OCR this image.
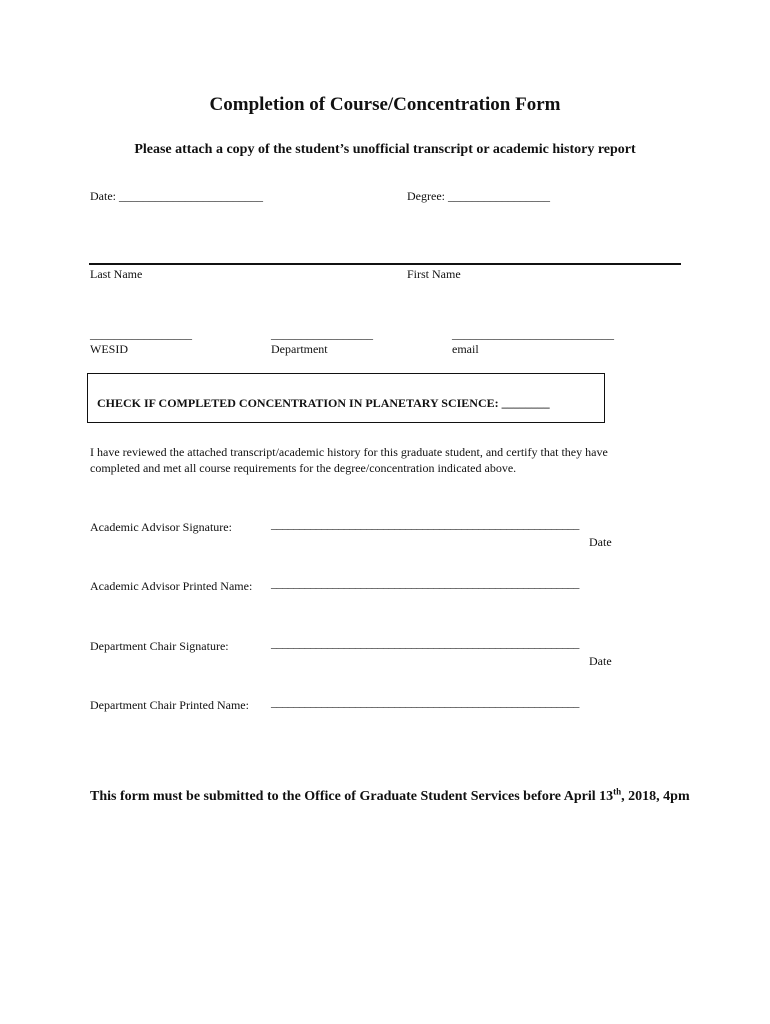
Completion of Course/Concentration Form
Please attach a copy of the student’s unofficial transcript or academic history report
Date: ________________________	Degree: _________________
Last Name	First Name
_________________
WESID
_________________
Department
___________________________
email
CHECK IF COMPLETED CONCENTRATION IN PLANETARY SCIENCE: ________
I have reviewed the attached transcript/academic history for this graduate student, and certify that they have completed and met all course requirements for the degree/concentration indicated above.
Academic Advisor Signature:	_______________________________________________________
Date
Academic Advisor Printed Name: _______________________________________________________
Department Chair Signature:	_______________________________________________________
Date
Department Chair Printed Name: _______________________________________________________
This form must be submitted to the Office of Graduate Student Services before April 13th, 2018, 4pm
